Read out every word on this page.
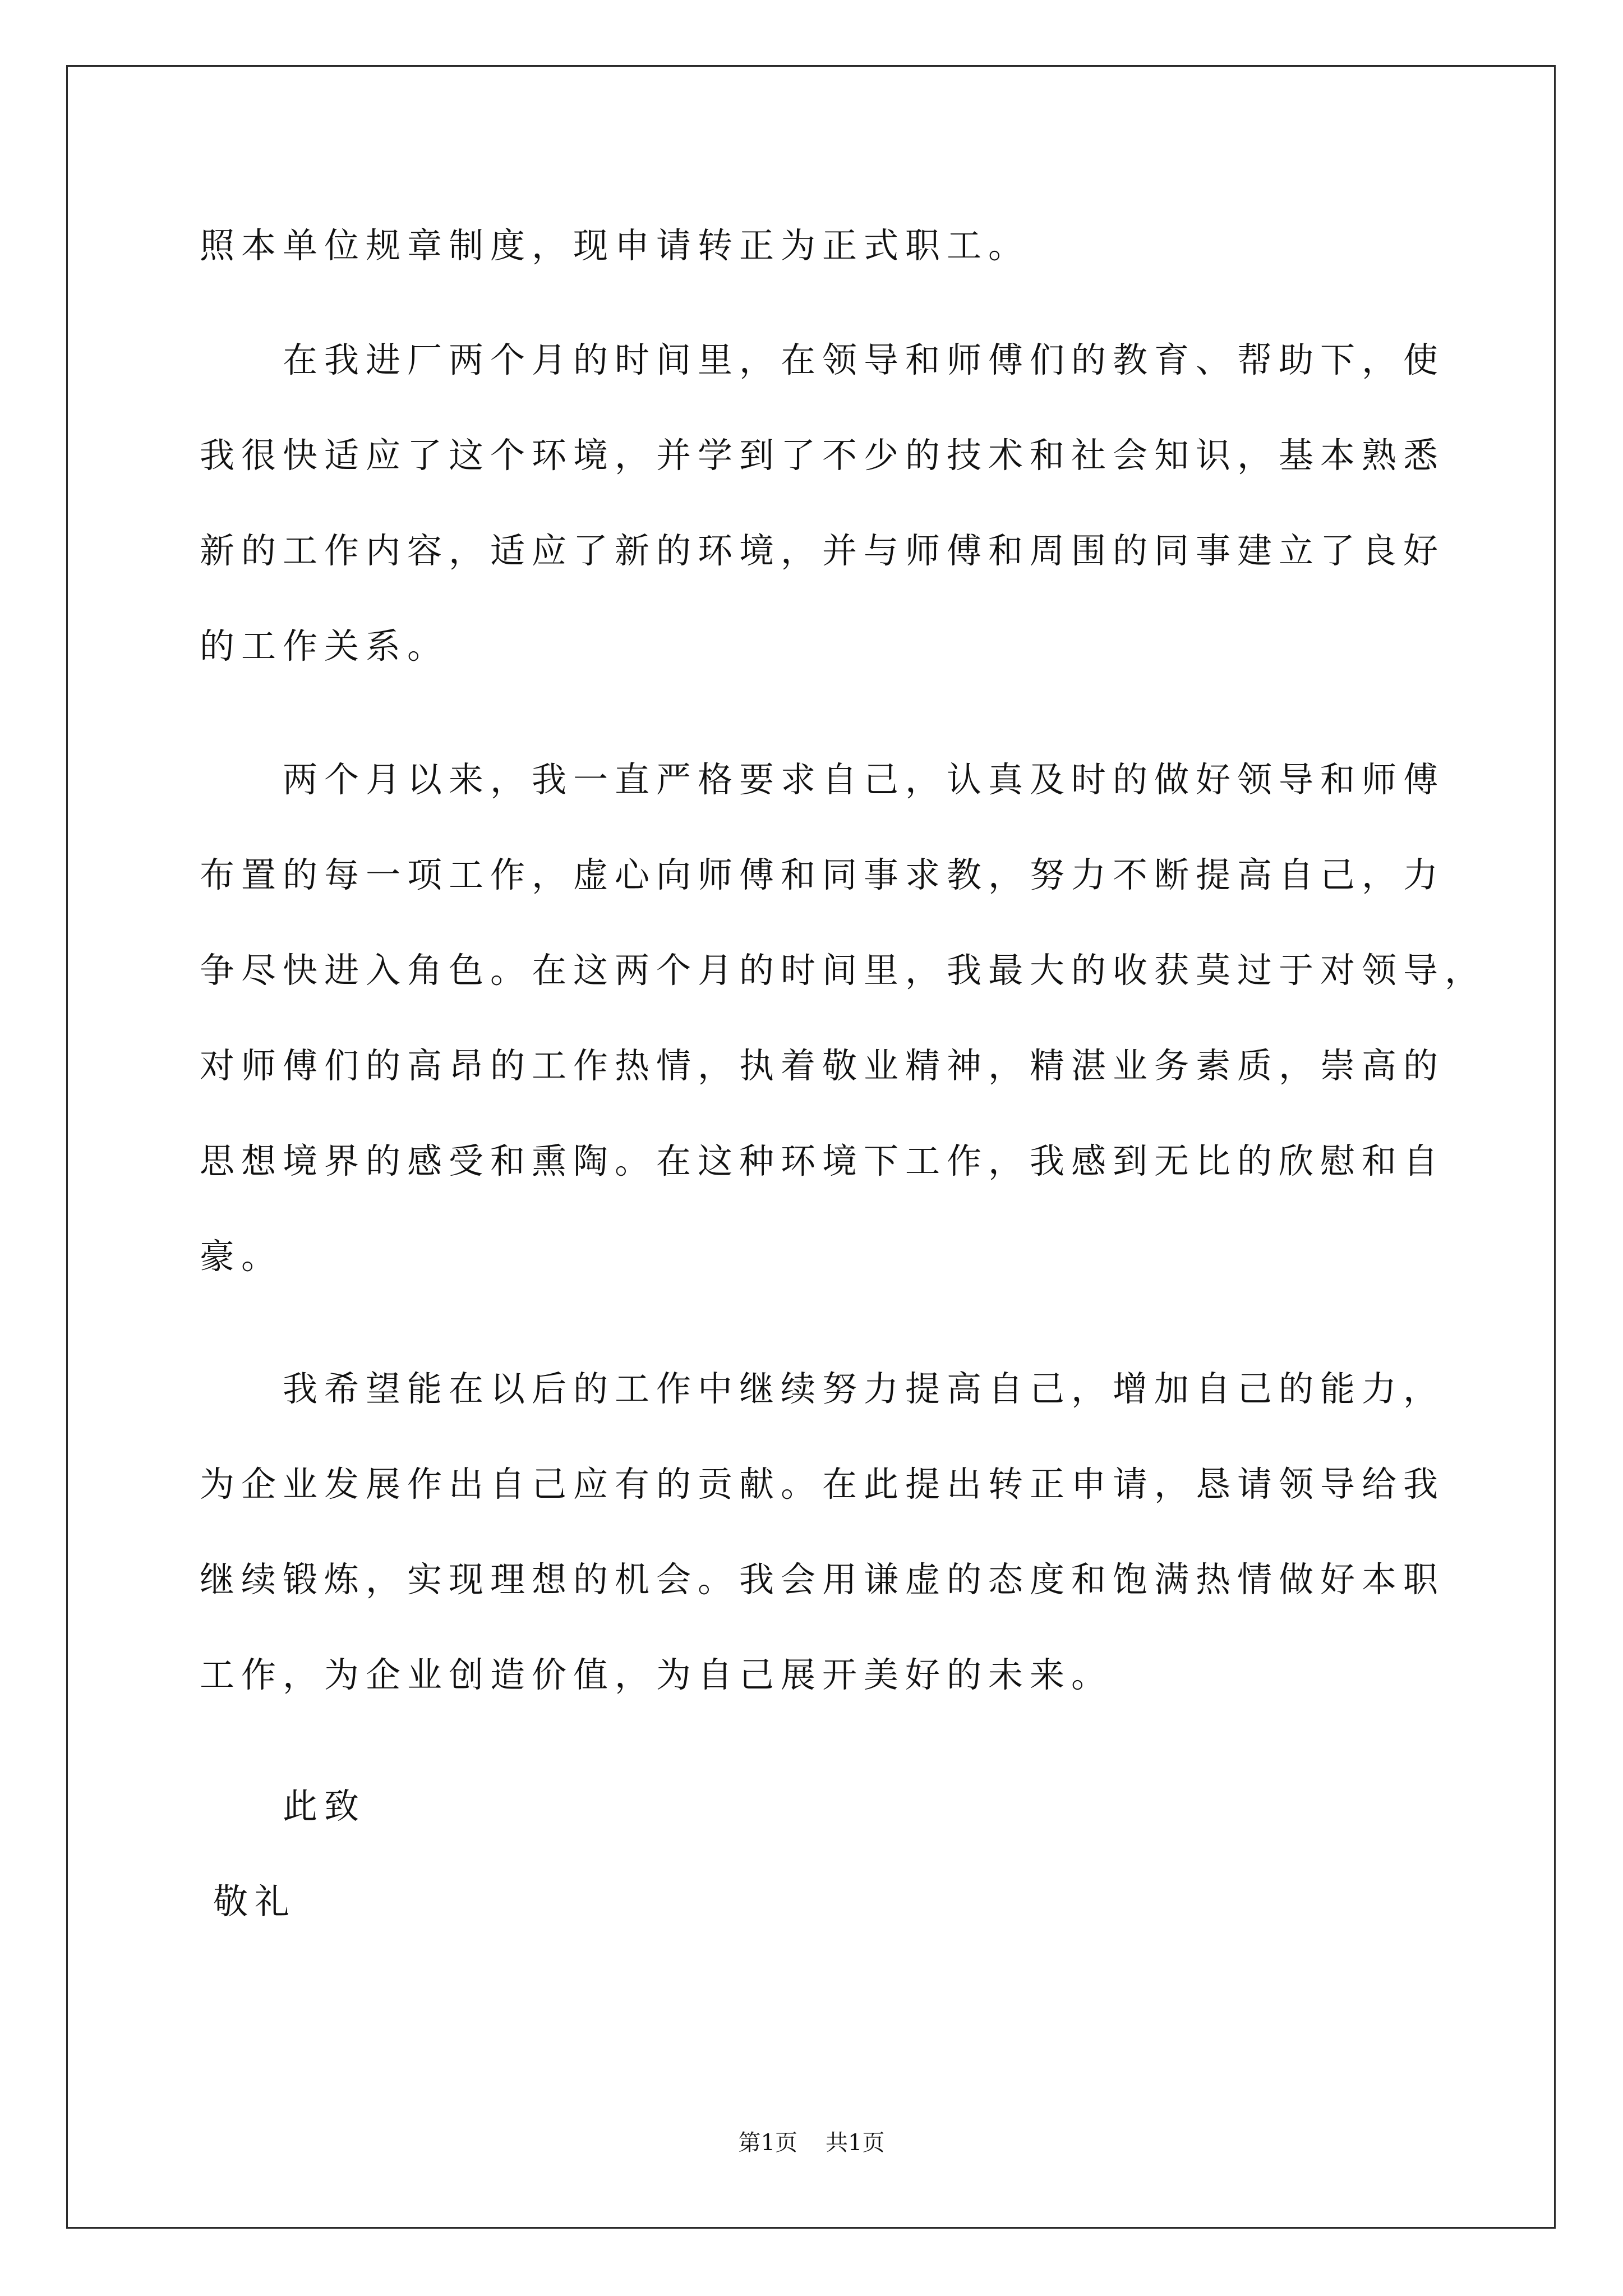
照本单位规章制度，现申请转正为正式职工。
在我进厂两个月的时间里，在领导和师傅们的教育、帮助下，使
我很快适应了这个环境，并学到了不少的技术和社会知识，基本熟悉
新的工作内容，适应了新的环境，并与师傅和周围的同事建立了良好
的工作关系。
两个月以来，我一直严格要求自己，认真及时的做好领导和师傅
布置的每一项工作，虚心向师傅和同事求教，努力不断提高自己，力
争尽快进入角色。在这两个月的时间里，我最大的收获莫过于对领导，
对师傅们的高昂的工作热情，执着敬业精神，精湛业务素质，崇高的
思想境界的感受和熏陶。在这种环境下工作，我感到无比的欣慰和自
豪。
我希望能在以后的工作中继续努力提高自己，增加自己的能力，
为企业发展作出自己应有的贡献。在此提出转正申请，恳请领导给我
继续锻炼，实现理想的机会。我会用谦虚的态度和饱满热情做好本职
工作，为企业创造价值，为自己展开美好的未来。
此致
敬礼
第1页 共1页
